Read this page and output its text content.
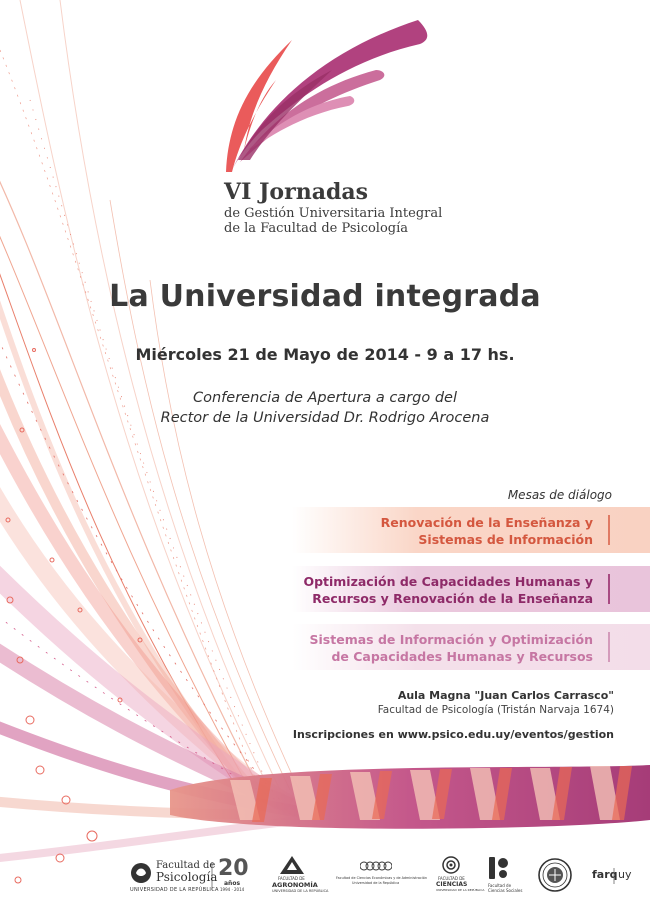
VI Jornadas

de Gestión Universitaria Integral

de la Facultad de Psicología

La Universidad integrada

Miércoles 21 de Mayo de 2014 - 9 a 17 hs.

Conferencia de Apertura a cargo del

Rector de la Universidad Dr. Rodrigo Arocena

Mesas de diálogo

Renovación de la Enseñanza y
Sistemas de Información
Optimización de Capacidades Humanas y
Recursos y Renovación de la Enseñanza
Sistemas de Información y Optimización
de Capacidades Humanas y Recursos

Aula Magna "Juan Carlos Carrasco"

Facultad de Psicología (Tristán Narvaja 1674)

Inscripciones en www.psico.edu.uy/eventos/gestion

Facultad de
Psicología
UNIVERSIDAD DE LA REPÚBLICA
20
años
1994 · 2014
FACULTAD DE
AGRONOMÍA
UNIVERSIDAD DE LA REPÚBLICA
Facultad de Ciencias Económicas y de Administración
Universidad de la República
FACULTAD DE
CIENCIAS
UNIVERSIDAD DE LA REPÚBLICA
Facultad de
Ciencias Sociales
farq uy
